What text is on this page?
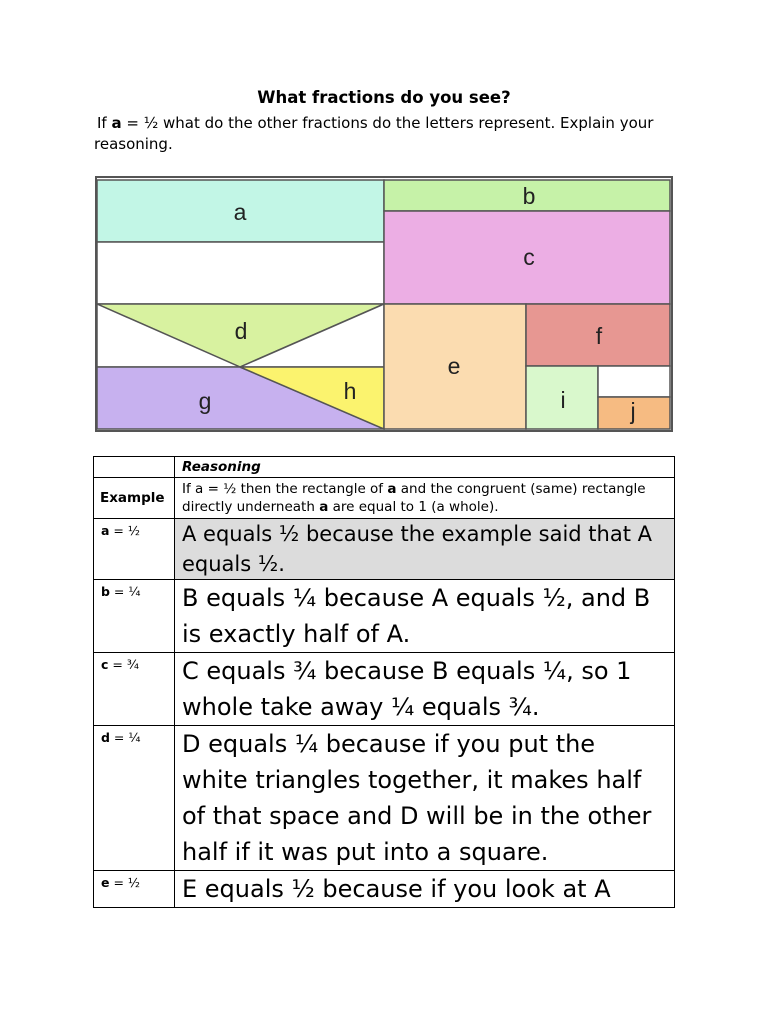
What fractions do you see?
If a = ½ what do the other fractions do the letters represent. Explain your
reasoning.
a
b
c
d
e
f
g	h	i	j
	Reasoning
Example	If a = ½ then the rectangle of a and the congruent (same) rectangle directly underneath a are equal to 1 (a whole).
a = ½	A equals ½ because the example said that A equals ½.
b = ¼	B equals ¼ because A equals ½, and B is exactly half of A.
c = ¾	C equals ¾ because B equals ¼, so 1 whole take away ¼ equals ¾.
d = ¼	D equals ¼ because if you put the white triangles together, it makes half of that space and D will be in the other half if it was put into a square.
e = ½	E equals ½ because if you look at A
